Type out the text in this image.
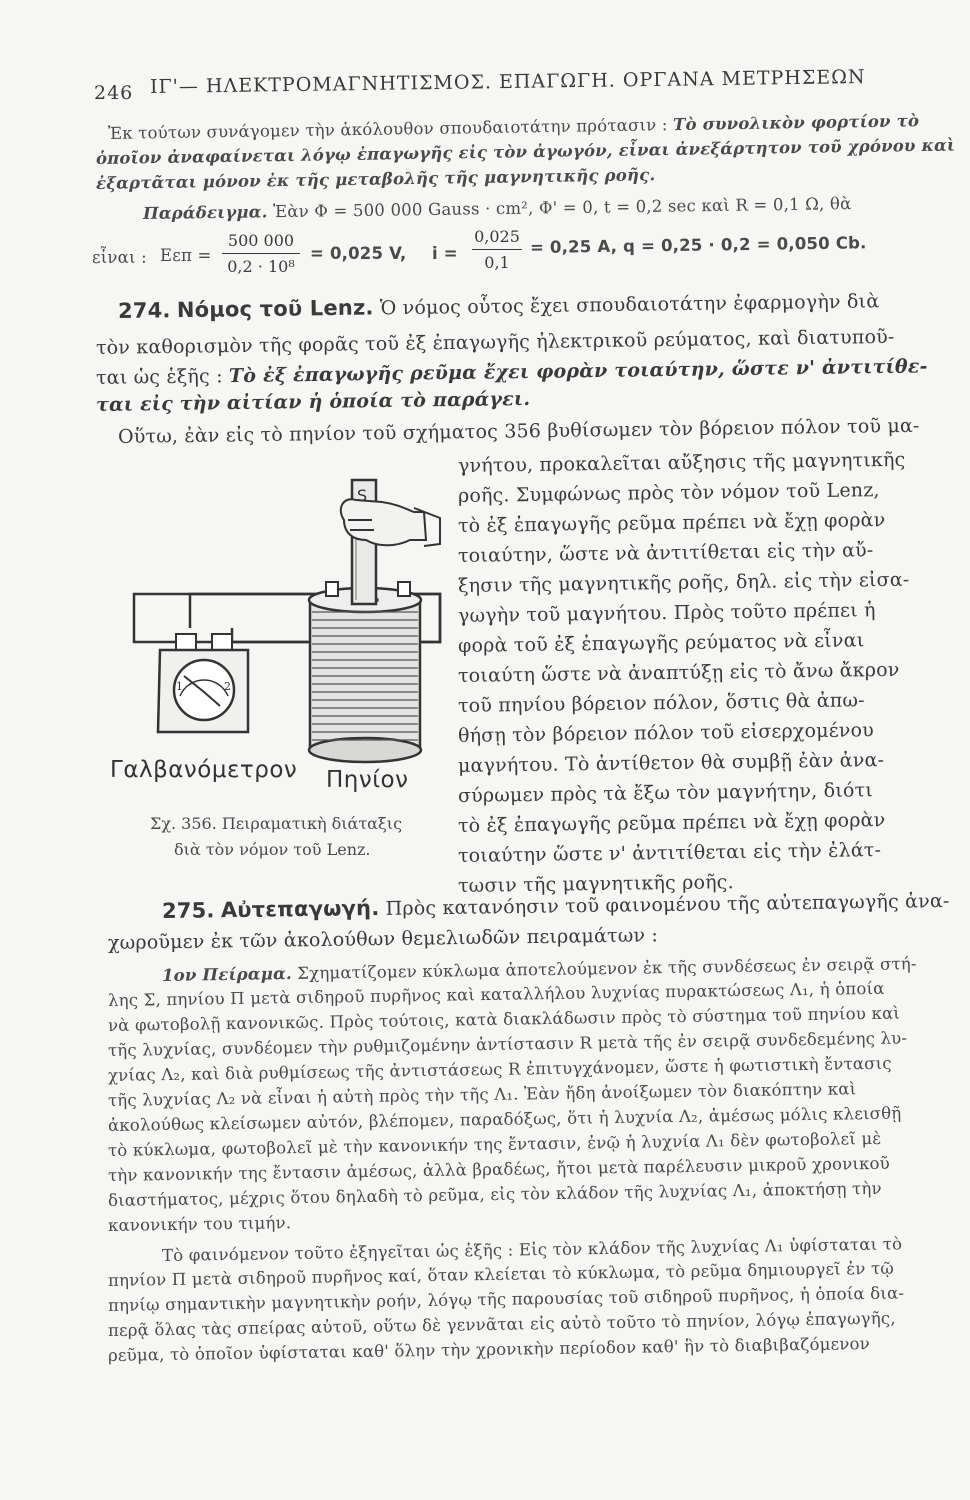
246 ΙΓ'— ΗΛΕΚΤΡΟΜΑΓΝΗΤΙΣΜΟΣ. ΕΠΑΓΩΓΗ. ΟΡΓΑΝΑ ΜΕΤΡΗΣΕΩΝ
Ἐκ τούτων συνάγομεν τὴν ἀκόλουθον σπουδαιοτάτην πρότασιν : Τὸ συνολικὸν φορτίον τὸ
ὁποῖον ἀναφαίνεται λόγῳ ἐπαγωγῆς εἰς τὸν ἀγωγόν, εἶναι ἀνεξάρτητον τοῦ χρόνου καὶ
ἐξαρτᾶται μόνον ἐκ τῆς μεταβολῆς τῆς μαγνητικῆς ροῆς.
Παράδειγμα. Ἐὰν Φ = 500 000 Gauss · cm², Φ' = 0, t = 0,2 sec καὶ R = 0,1 Ω, θὰ
εἶναι : Eεπ =
500 000
0,2 · 10⁸
= 0,025 V, i =
0,025
0,1
= 0,25 A, q = 0,25 · 0,2 = 0,050 Cb.
274. Νόμος τοῦ Lenz. Ὁ νόμος οὗτος ἔχει σπουδαιοτάτην ἐφαρμογὴν διὰ
τὸν καθορισμὸν τῆς φορᾶς τοῦ ἐξ ἐπαγωγῆς ἠλεκτρικοῦ ρεύματος, καὶ διατυποῦ-
ται ὡς ἑξῆς : Τὸ ἐξ ἐπαγωγῆς ρεῦμα ἔχει φορὰν τοιαύτην, ὥστε ν' ἀντιτίθε-
ται εἰς τὴν αἰτίαν ἡ ὁποία τὸ παράγει.
Οὕτω, ἐὰν εἰς τὸ πηνίον τοῦ σχήματος 356 βυθίσωμεν τὸν βόρειον πόλον τοῦ μα-
γνήτου, προκαλεῖται αὔξησις τῆς μαγνητικῆς
ροῆς. Συμφώνως πρὸς τὸν νόμον τοῦ Lenz,
τὸ ἐξ ἐπαγωγῆς ρεῦμα πρέπει νὰ ἔχῃ φορὰν
τοιαύτην, ὥστε νὰ ἀντιτίθεται εἰς τὴν αὔ-
ξησιν τῆς μαγνητικῆς ροῆς, δηλ. εἰς τὴν εἰσα-
γωγὴν τοῦ μαγνήτου. Πρὸς τοῦτο πρέπει ἡ
φορὰ τοῦ ἐξ ἐπαγωγῆς ρεύματος νὰ εἶναι
τοιαύτη ὥστε νὰ ἀναπτύξῃ εἰς τὸ ἄνω ἄκρον
τοῦ πηνίου βόρειον πόλον, ὅστις θὰ ἀπω-
θήσῃ τὸν βόρειον πόλον τοῦ εἰσερχομένου
μαγνήτου. Τὸ ἀντίθετον θὰ συμβῇ ἐὰν ἀνα-
σύρωμεν πρὸς τὰ ἔξω τὸν μαγνήτην, διότι
τὸ ἐξ ἐπαγωγῆς ρεῦμα πρέπει νὰ ἔχῃ φορὰν
τοιαύτην ὥστε ν' ἀντιτίθεται εἰς τὴν ἐλάτ-
τωσιν τῆς μαγνητικῆς ροῆς.
1	2
S
Γαλβανόμετρον Πηνίον
Σχ. 356. Πειραματικὴ διάταξις
διὰ τὸν νόμον τοῦ Lenz.
275. Αὐτεπαγωγή. Πρὸς κατανόησιν τοῦ φαινομένου τῆς αὐτεπαγωγῆς ἀνα-
χωροῦμεν ἐκ τῶν ἀκολούθων θεμελιωδῶν πειραμάτων :
1ον Πείραμα. Σχηματίζομεν κύκλωμα ἀποτελούμενον ἐκ τῆς συνδέσεως ἐν σειρᾷ στή-
λης Σ, πηνίου Π μετὰ σιδηροῦ πυρῆνος καὶ καταλλήλου λυχνίας πυρακτώσεως Λ₁, ἡ ὁποία
νὰ φωτοβολῇ κανονικῶς. Πρὸς τούτοις, κατὰ διακλάδωσιν πρὸς τὸ σύστημα τοῦ πηνίου καὶ
τῆς λυχνίας, συνδέομεν τὴν ρυθμιζομένην ἀντίστασιν R μετὰ τῆς ἐν σειρᾷ συνδεδεμένης λυ-
χνίας Λ₂, καὶ διὰ ρυθμίσεως τῆς ἀντιστάσεως R ἐπιτυγχάνομεν, ὥστε ἡ φωτιστικὴ ἔντασις
τῆς λυχνίας Λ₂ νὰ εἶναι ἡ αὐτὴ πρὸς τὴν τῆς Λ₁. Ἐὰν ἤδη ἀνοίξωμεν τὸν διακόπτην καὶ
ἀκολούθως κλείσωμεν αὐτόν, βλέπομεν, παραδόξως, ὅτι ἡ λυχνία Λ₂, ἀμέσως μόλις κλεισθῇ
τὸ κύκλωμα, φωτοβολεῖ μὲ τὴν κανονικήν της ἔντασιν, ἐνῷ ἡ λυχνία Λ₁ δὲν φωτοβολεῖ μὲ
τὴν κανονικήν της ἔντασιν ἀμέσως, ἀλλὰ βραδέως, ἤτοι μετὰ παρέλευσιν μικροῦ χρονικοῦ
διαστήματος, μέχρις ὅτου δηλαδὴ τὸ ρεῦμα, εἰς τὸν κλάδον τῆς λυχνίας Λ₁, ἀποκτήσῃ τὴν
κανονικήν του τιμήν.
Τὸ φαινόμενον τοῦτο ἐξηγεῖται ὡς ἑξῆς : Εἰς τὸν κλάδον τῆς λυχνίας Λ₁ ὑφίσταται τὸ
πηνίον Π μετὰ σιδηροῦ πυρῆνος καί, ὅταν κλείεται τὸ κύκλωμα, τὸ ρεῦμα δημιουργεῖ ἐν τῷ
πηνίῳ σημαντικὴν μαγνητικὴν ροήν, λόγῳ τῆς παρουσίας τοῦ σιδηροῦ πυρῆνος, ἡ ὁποία δια-
περᾷ ὅλας τὰς σπείρας αὐτοῦ, οὕτω δὲ γεννᾶται εἰς αὐτὸ τοῦτο τὸ πηνίον, λόγῳ ἐπαγωγῆς,
ρεῦμα, τὸ ὁποῖον ὑφίσταται καθ' ὅλην τὴν χρονικὴν περίοδον καθ' ἣν τὸ διαβιβαζόμενον
